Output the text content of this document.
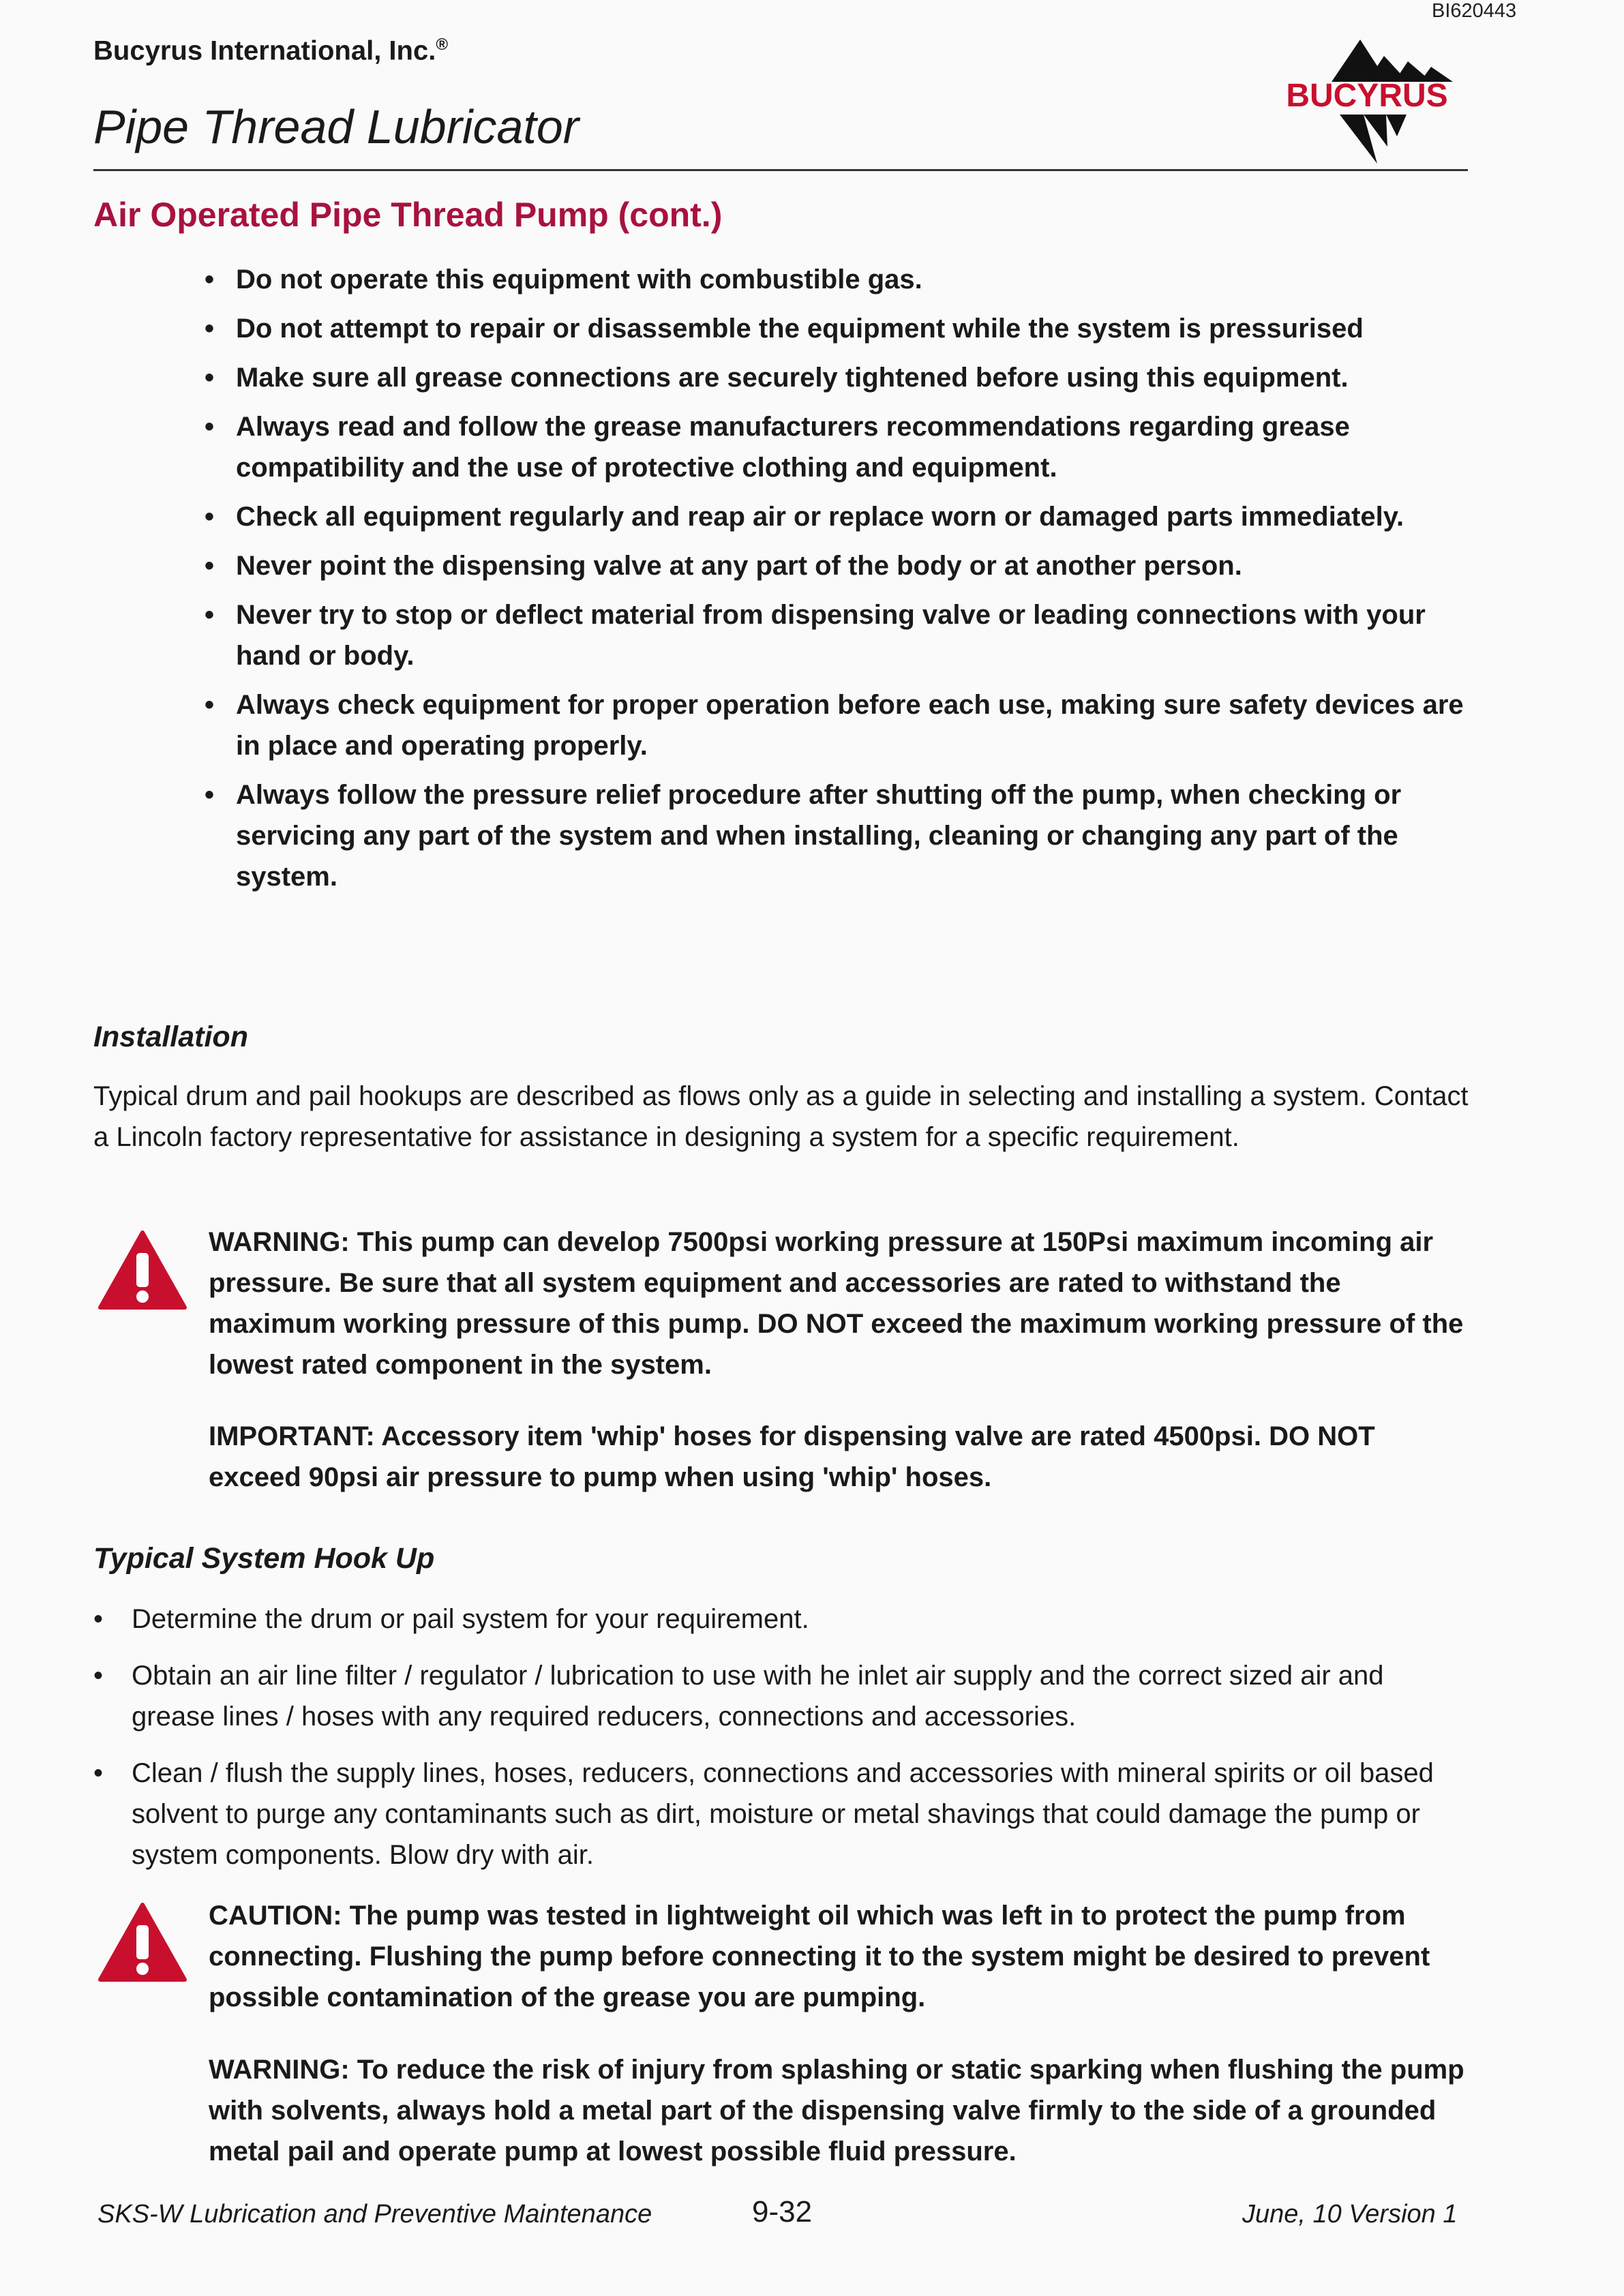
BI620443
Bucyrus International, Inc.®
Pipe Thread Lubricator
BUCYRUS
Air Operated Pipe Thread Pump (cont.)
• Do not operate this equipment with combustible gas.
• Do not attempt to repair or disassemble the equipment while the system is pressurised
• Make sure all grease connections are securely tightened before using this equipment.
• Always read and follow the grease manufacturers recommendations regarding grease compatibility and the use of protective clothing and equipment.
• Check all equipment regularly and reap air or replace worn or damaged parts immediately.
• Never point the dispensing valve at any part of the body or at another person.
• Never try to stop or deflect material from dispensing valve or leading connections with your hand or body.
• Always check equipment for proper operation before each use, making sure safety devices are in place and operating properly.
• Always follow the pressure relief procedure after shutting off the pump, when checking or servicing any part of the system and when installing, cleaning or changing any part of the system.
Installation

Typical drum and pail hookups are described as flows only as a guide in selecting and installing a system. Contact a Lincoln factory representative for assistance in designing a system for a specific requirement.

WARNING: This pump can develop 7500psi working pressure at 150Psi maximum incoming air pressure. Be sure that all system equipment and accessories are rated to withstand the maximum working pressure of this pump. DO NOT exceed the maximum working pressure of the lowest rated component in the system.

IMPORTANT: Accessory item 'whip' hoses for dispensing valve are rated 4500psi. DO NOT exceed 90psi air pressure to pump when using 'whip' hoses.

Typical System Hook Up
• Determine the drum or pail system for your requirement.
• Obtain an air line filter / regulator / lubrication to use with he inlet air supply and the correct sized air and grease lines / hoses with any required reducers, connections and accessories.
• Clean / flush the supply lines, hoses, reducers, connections and accessories with mineral spirits or oil based solvent to purge any contaminants such as dirt, moisture or metal shavings that could damage the pump or system components. Blow dry with air.

CAUTION: The pump was tested in lightweight oil which was left in to protect the pump from connecting. Flushing the pump before connecting it to the system might be desired to prevent possible contamination of the grease you are pumping.

WARNING: To reduce the risk of injury from splashing or static sparking when flushing the pump with solvents, always hold a metal part of the dispensing valve firmly to the side of a grounded metal pail and operate pump at lowest possible fluid pressure.

SKS-W Lubrication and Preventive Maintenance	9-32	June, 10 Version 1
